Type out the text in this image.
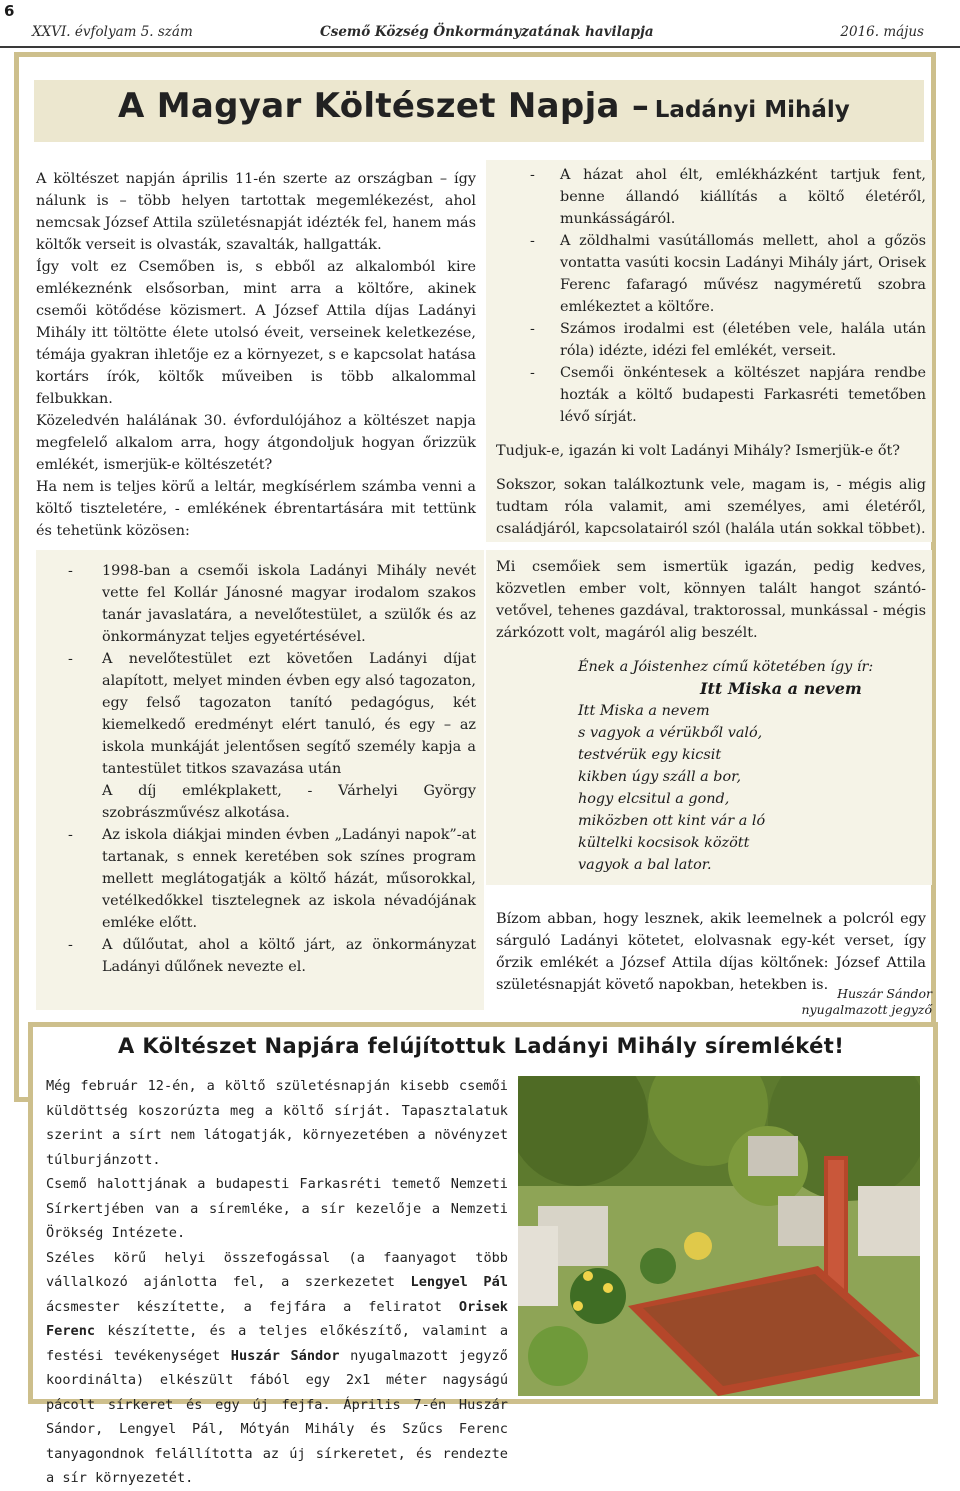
6
XXVI. évfolyam 5. szám	Csemő Község Önkormányzatának havilapja	2016. május
A Magyar Költészet Napja – Ladányi Mihály

A költészet napján április 11-én szerte az országban – így nálunk is – több helyen tartottak megemlékezést, ahol nemcsak József Attila születésnapját idézték fel, hanem más költők verseit is olvasták, szavalták, hallgatták.

Így volt ez Csemőben is, s ebből az alkalomból kire emlékeznénk elsősorban, mint arra a költőre, akinek csemői kötődése közismert. A József Attila díjas Ladányi Mihály itt töltötte élete utolsó éveit, verseinek keletkezése, témája gyakran ihletője ez a környezet, s e kapcsolat hatása kortárs írók, költők műveiben is több alkalommal felbukkan.

Közeledvén halálának 30. évfordulójához a költészet napja megfelelő alkalom arra, hogy átgondoljuk hogyan őrizzük emlékét, ismerjük-e költészetét?

Ha nem is teljes körű a leltár, megkísérlem számba venni a költő tiszteletére, - emlékének ébrentartására mit tettünk és tehetünk közösen:

- A házat ahol élt, emlékházként tartjuk fent, benne állandó kiállítás a költő életéről, munkásságáról.
- A zöldhalmi vasútállomás mellett, ahol a gőzös vontatta vasúti kocsin Ladányi Mihály járt, Orisek Ferenc fafaragó művész nagyméretű szobra emlékeztet a költőre.
- Számos irodalmi est (életében vele, halála után róla) idézte, idézi fel emlékét, verseit.
- Csemői önkéntesek a költészet napjára rendbe hozták a költő budapesti Farkasréti temetőben lévő sírját.

Tudjuk-e, igazán ki volt Ladányi Mihály? Ismerjük-e őt?

Sokszor, sokan találkoztunk vele, magam is, - mégis alig tudtam róla valamit, ami személyes, ami életéről, családjáról, kapcsolatairól szól (halála után sokkal többet).

- 1998-ban a csemői iskola Ladányi Mihály nevét vette fel Kollár Jánosné magyar irodalom szakos tanár javaslatára, a nevelőtestület, a szülők és az önkormányzat teljes egyetértésével.
- A nevelőtestület ezt követően Ladányi díjat alapított, melyet minden évben egy alsó tagozaton, egy felső tagozaton tanító pedagógus, két kiemelkedő eredményt elért tanuló, és egy – az iskola munkáját jelentősen segítő személy kapja a tantestület titkos szavazása után
A díj emlékplakett, - Várhelyi György szobrászművész alkotása.
- Az iskola diákjai minden évben „Ladányi napok”-at tartanak, s ennek keretében sok színes program mellett meglátogatják a költő házát, műsorokkal, vetélkedőkkel tisztelegnek az iskola névadójának emléke előtt.
- A dűlőutat, ahol a költő járt, az önkormányzat Ladányi dűlőnek nevezte el.

Mi csemőiek sem ismertük igazán, pedig kedves, közvetlen ember volt, könnyen talált hangot szántó-vetővel, tehenes gazdával, traktorossal, munkással - mégis zárkózott volt, magáról alig beszélt.

Ének a Jóistenhez című kötetében így ír:
Itt Miska a nevem
Itt Miska a nevem
s vagyok a vérükből való,
testvérük egy kicsit
kikben úgy száll a bor,
hogy elcsitul a gond,
miközben ott kint vár a ló
kültelki kocsisok között
vagyok a bal lator.

Bízom abban, hogy lesznek, akik leemelnek a polcról egy sárguló Ladányi kötetet, elolvasnak egy-két verset, így őrzik emlékét a József Attila díjas költőnek: József Attila születésnapját követő napokban, hetekben is.

Huszár Sándor
nyugalmazott jegyző
A Költészet Napjára felújítottuk Ladányi Mihály síremlékét!

Még február 12-én, a költő születésnapján kisebb csemői küldöttség koszorúzta meg a költő sírját. Tapasztalatuk szerint a sírt nem látogatják, környezetében a növényzet túlburjánzott.

Csemő halottjának a budapesti Farkasréti temető Nemzeti Sírkertjében van a síremléke, a sír kezelője a Nemzeti Örökség Intézete.

Széles körű helyi összefogással (a faanyagot több vállalkozó ajánlotta fel, a szerkezetet Lengyel Pál ácsmester készítette, a fejfára a feliratot Orisek Ferenc készítette, és a teljes előkészítő, valamint a festési tevékenységet Huszár Sándor nyugalmazott jegyző koordinálta) elkészült fából egy 2x1 méter nagyságú pácolt sírkeret és egy új fejfa. Április 7-én Huszár Sándor, Lengyel Pál, Mótyán Mihály és Szűcs Ferenc tanyagondnok felállította az új sírkeretet, és rendezte a sír környezetét.
